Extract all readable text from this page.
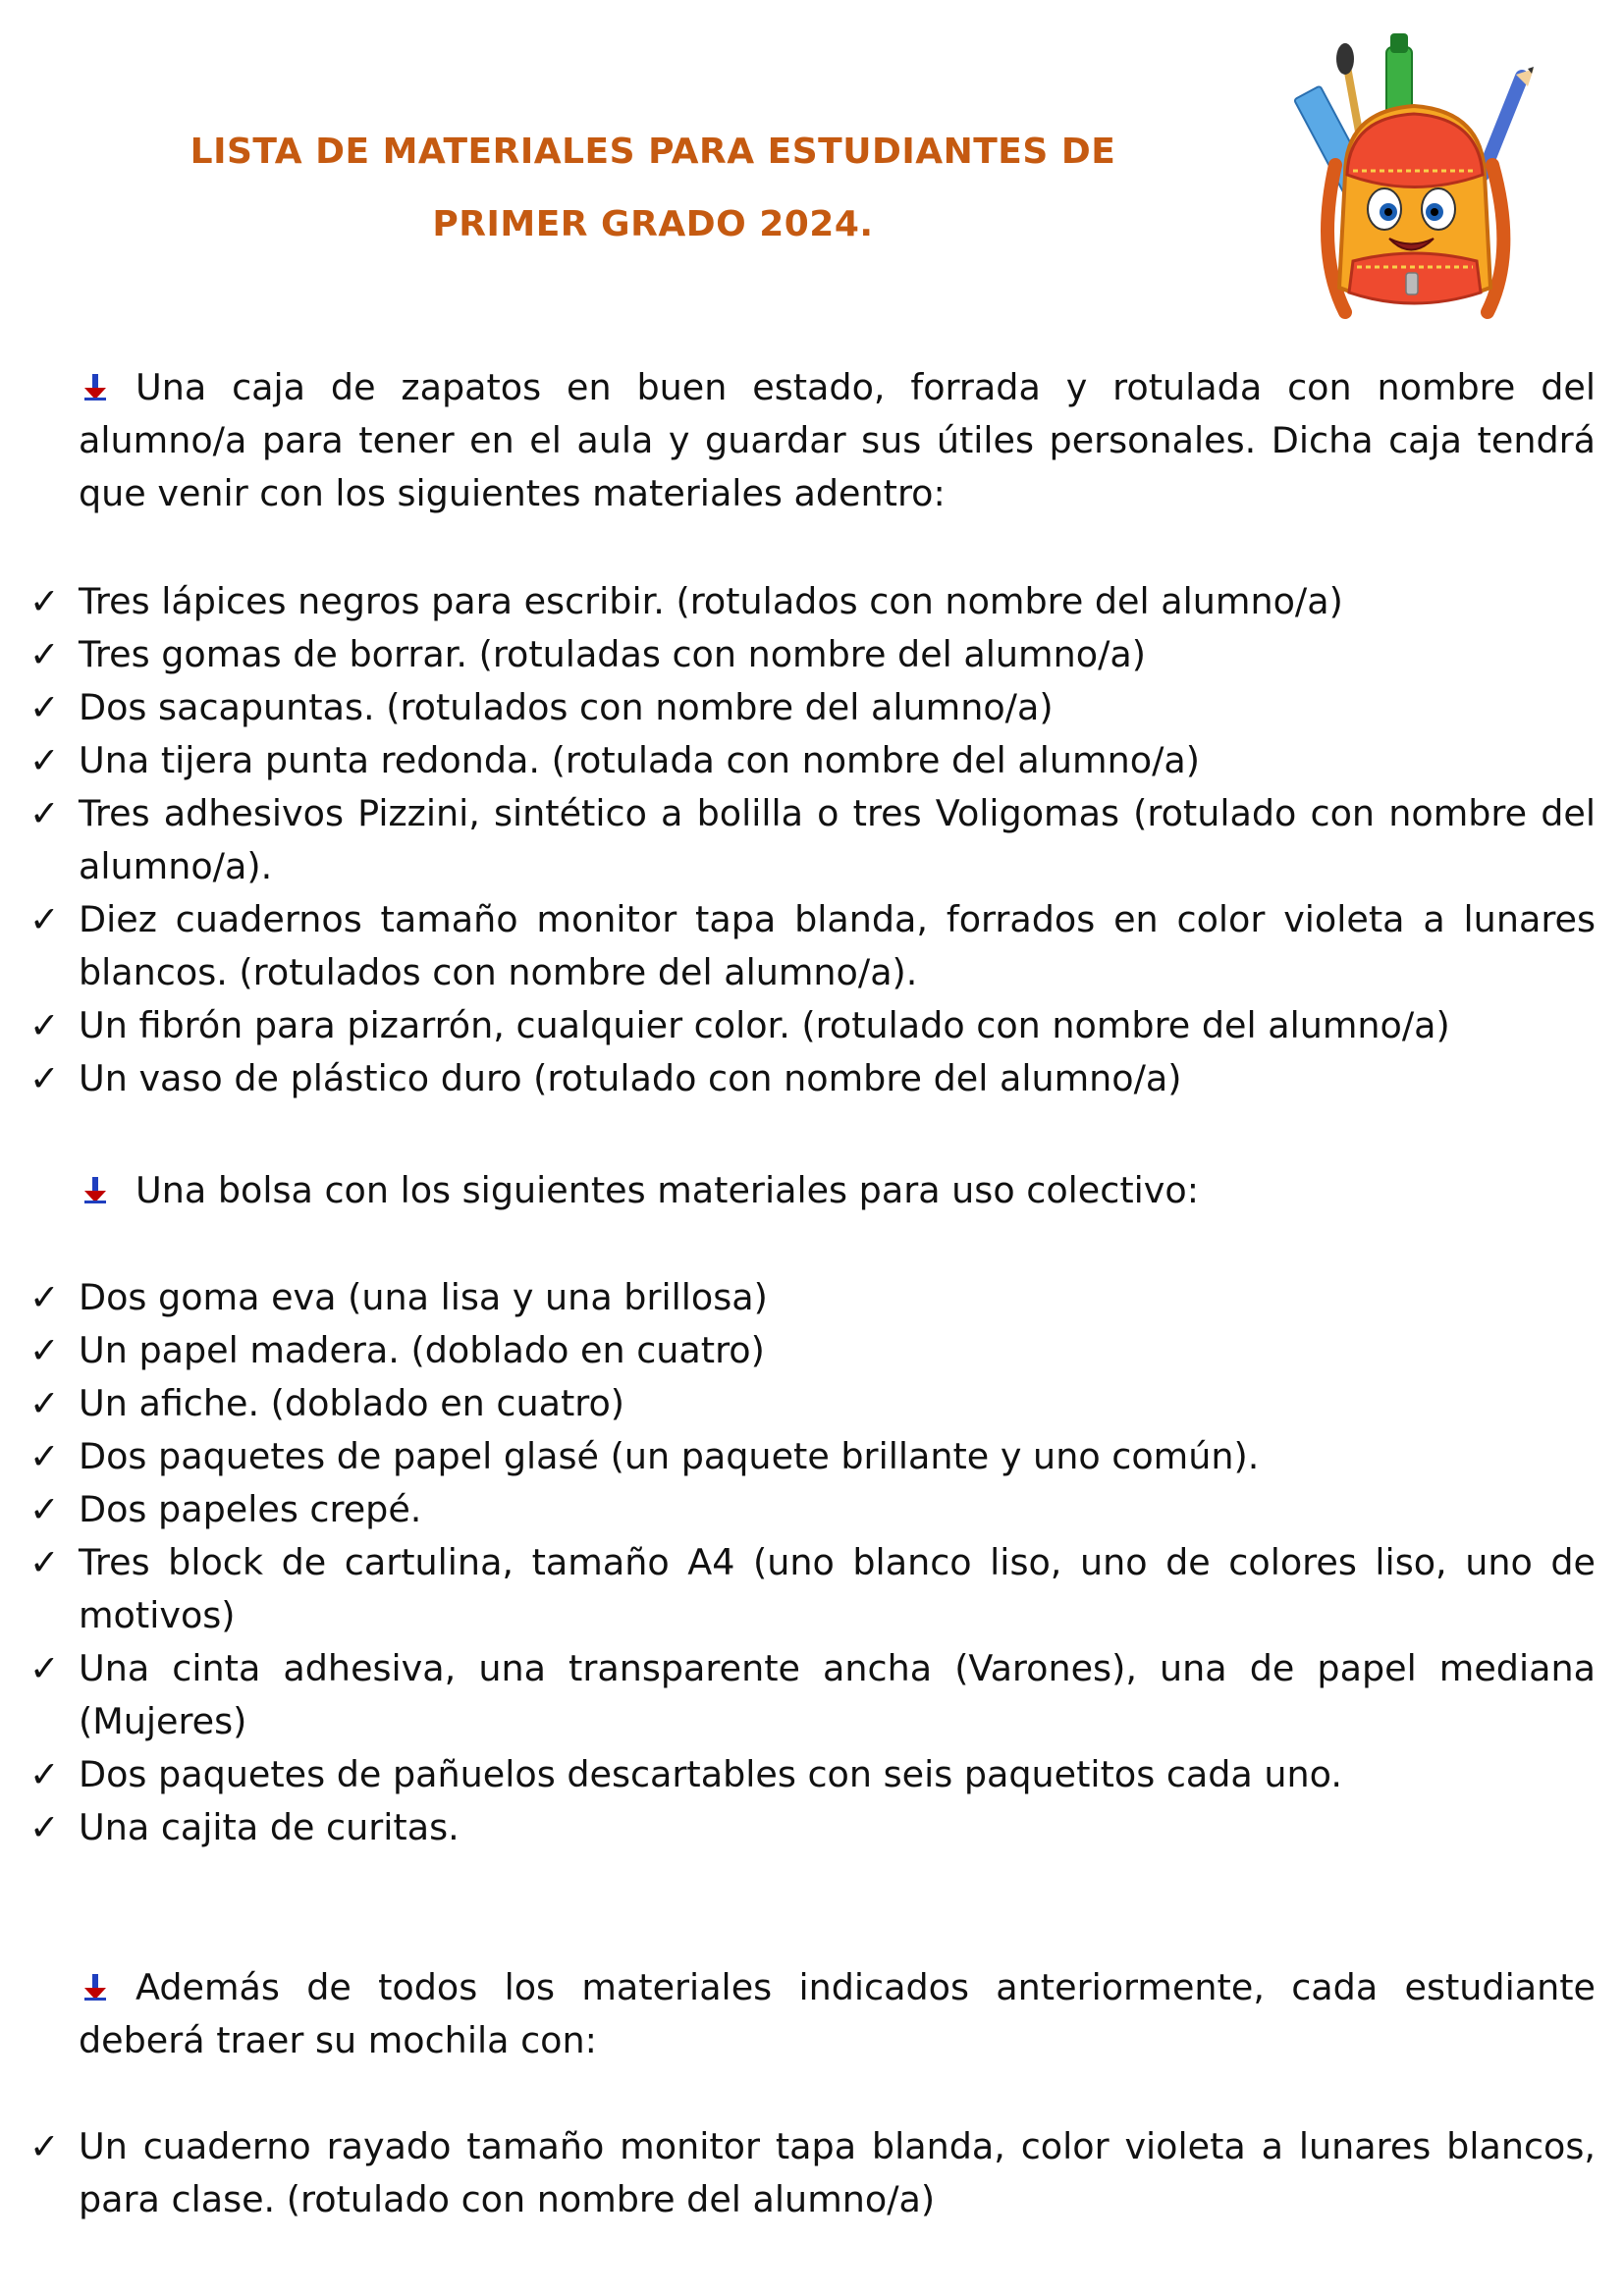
LISTA DE MATERIALES PARA ESTUDIANTES DE
PRIMER GRADO 2024.
Una caja de zapatos en buen estado, forrada y rotulada con nombre del alumno/a para tener en el aula y guardar sus útiles personales. Dicha caja tendrá que venir con los siguientes materiales adentro:
✓ Tres lápices negros para escribir. (rotulados con nombre del alumno/a)
✓ Tres gomas de borrar. (rotuladas con nombre del alumno/a)
✓ Dos sacapuntas. (rotulados con nombre del alumno/a)
✓ Una tijera punta redonda. (rotulada con nombre del alumno/a)
✓ Tres adhesivos Pizzini, sintético a bolilla o tres Voligomas (rotulado con nombre del alumno/a).
✓ Diez cuadernos tamaño monitor tapa blanda, forrados en color violeta a lunares blancos. (rotulados con nombre del alumno/a).
✓ Un fibrón para pizarrón, cualquier color. (rotulado con nombre del alumno/a)
✓ Un vaso de plástico duro (rotulado con nombre del alumno/a)
Una bolsa con los siguientes materiales para uso colectivo:
✓ Dos goma eva (una lisa y una brillosa)
✓ Un papel madera. (doblado en cuatro)
✓ Un afiche. (doblado en cuatro)
✓ Dos paquetes de papel glasé (un paquete brillante y uno común).
✓ Dos papeles crepé.
✓ Tres block de cartulina, tamaño A4 (uno blanco liso, uno de colores liso, uno de motivos)
✓ Una cinta adhesiva, una transparente ancha (Varones), una de papel mediana (Mujeres)
✓ Dos paquetes de pañuelos descartables con seis paquetitos cada uno.
✓ Una cajita de curitas.
Además de todos los materiales indicados anteriormente, cada estudiante deberá traer su mochila con:
✓ Un cuaderno rayado tamaño monitor tapa blanda, color violeta a lunares blancos, para clase. (rotulado con nombre del alumno/a)
